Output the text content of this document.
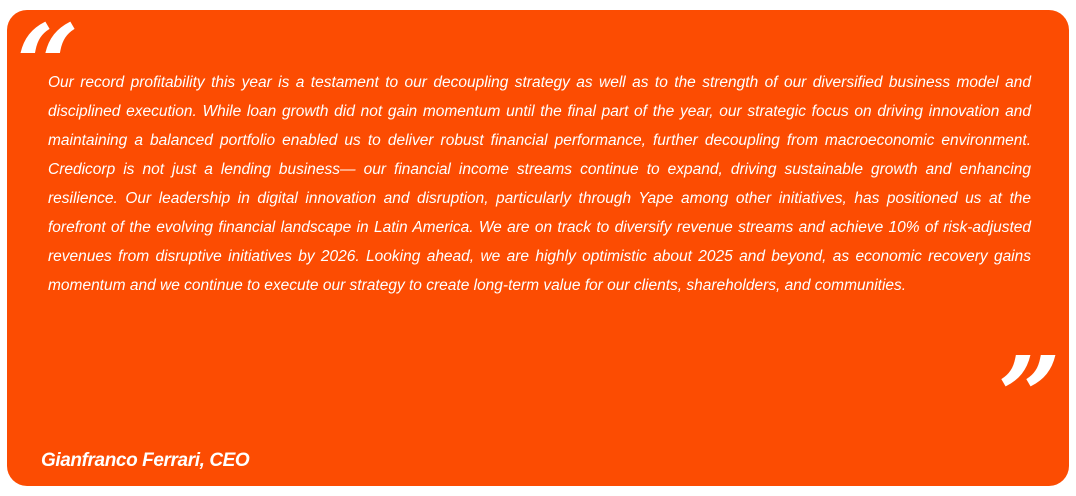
“

Our record profitability this year is a testament to our decoupling strategy as well as to the strength of our diversified business model and disciplined execution. While loan growth did not gain momentum until the final part of the year, our strategic focus on driving innovation and maintaining a balanced portfolio enabled us to deliver robust financial performance, further decoupling from macroeconomic environment. Credicorp is not just a lending business— our financial income streams continue to expand, driving sustainable growth and enhancing resilience. Our leadership in digital innovation and disruption, particularly through Yape among other initiatives, has positioned us at the forefront of the evolving financial landscape in Latin America. We are on track to diversify revenue streams and achieve 10% of risk-adjusted revenues from disruptive initiatives by 2026. Looking ahead, we are highly optimistic about 2025 and beyond, as economic recovery gains momentum and we continue to execute our strategy to create long-term value for our clients, shareholders, and communities.

”

Gianfranco Ferrari, CEO
